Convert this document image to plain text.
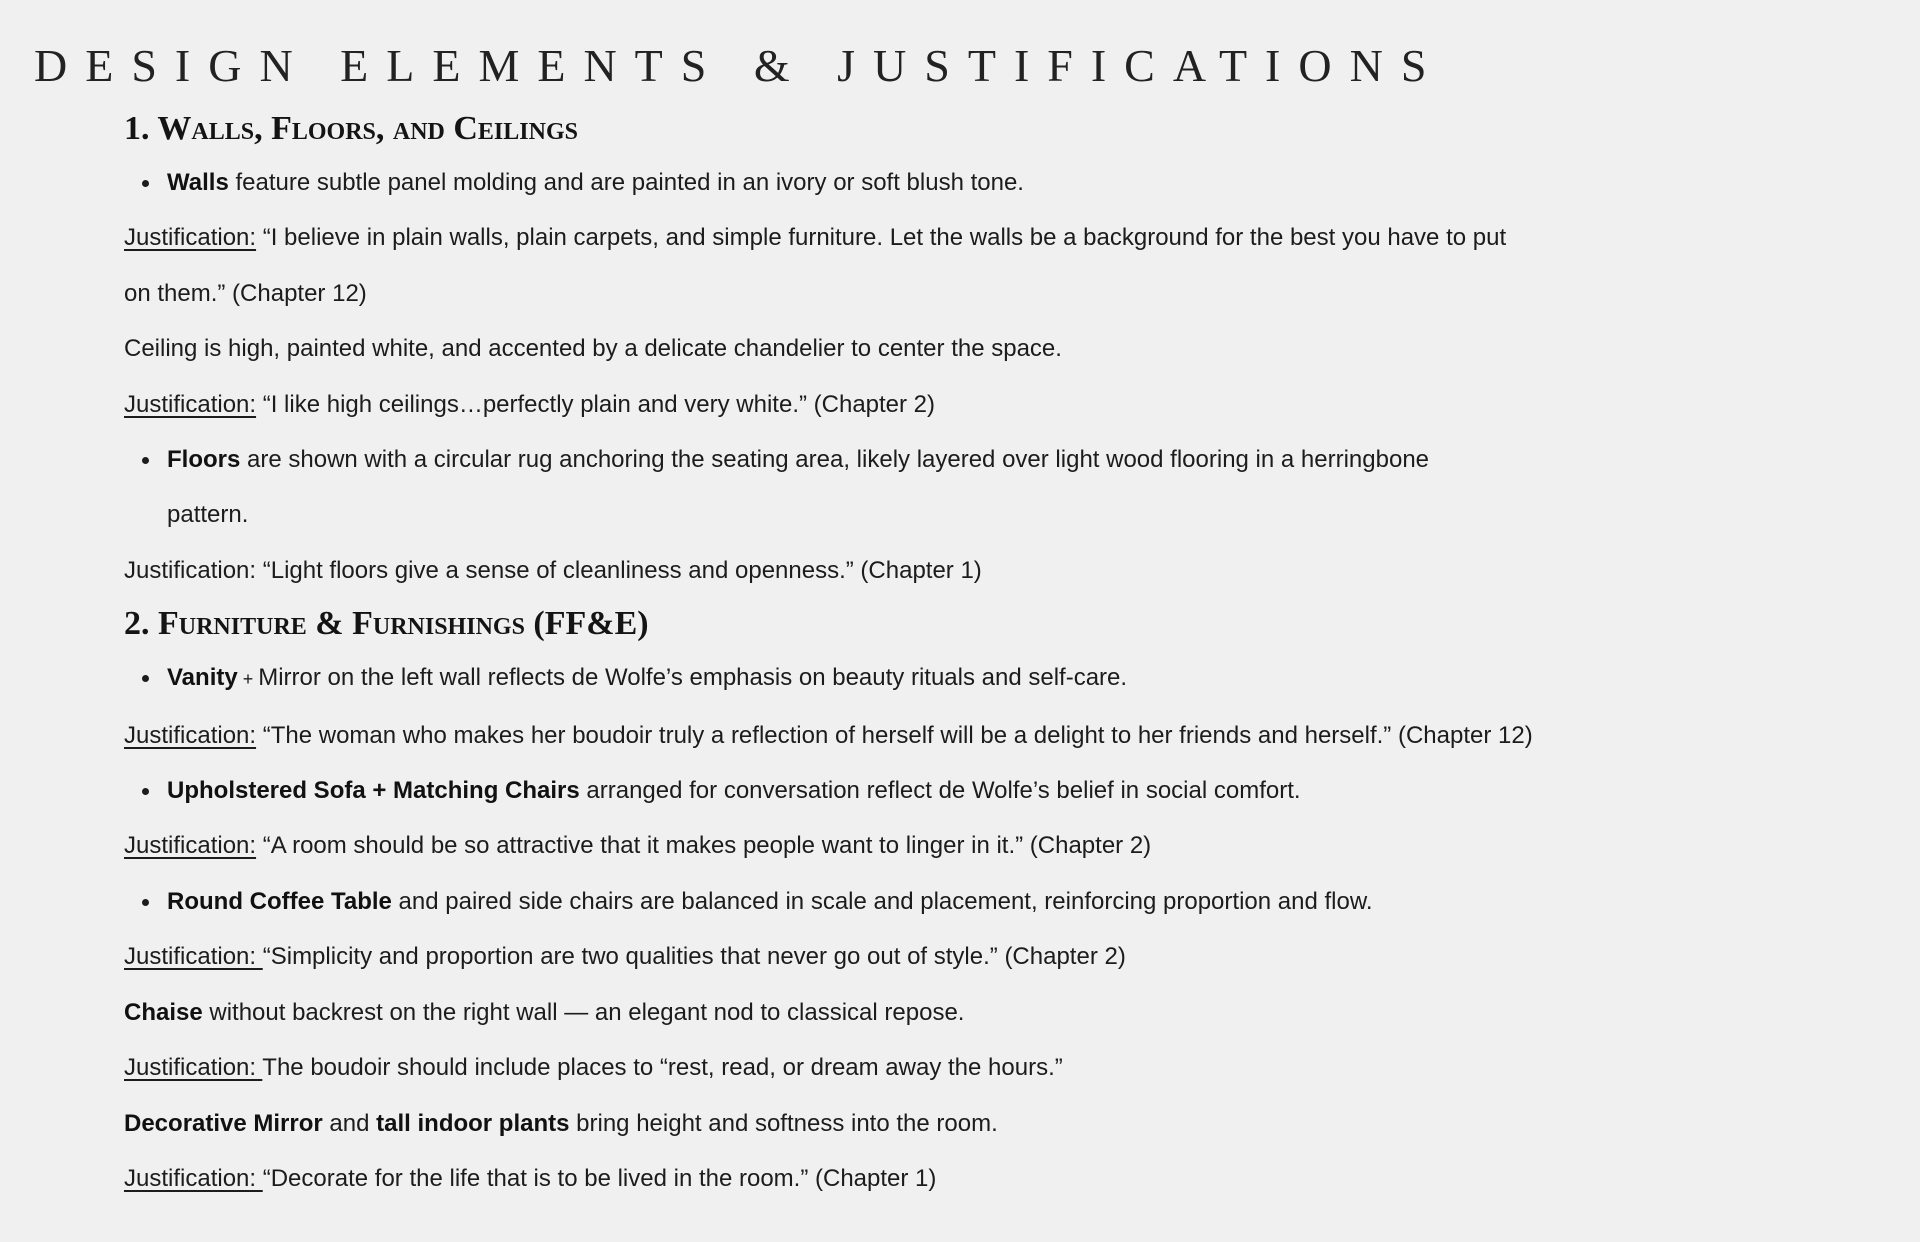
DESIGN ELEMENTS & JUSTIFICATIONS
1. Walls, Floors, and Ceilings

Walls feature subtle panel molding and are painted in an ivory or soft blush tone.

Justification: “I believe in plain walls, plain carpets, and simple furniture. Let the walls be a background for the best you have to put

on them.” (Chapter 12)

Ceiling is high, painted white, and accented by a delicate chandelier to center the space.

Justification: “I like high ceilings…perfectly plain and very white.” (Chapter 2)

Floors are shown with a circular rug anchoring the seating area, likely layered over light wood flooring in a herringbone

pattern.

Justification: “Light floors give a sense of cleanliness and openness.” (Chapter 1)

2. Furniture & Furnishings (FF&E)

Vanity + Mirror on the left wall reflects de Wolfe’s emphasis on beauty rituals and self-care.

Justification: “The woman who makes her boudoir truly a reflection of herself will be a delight to her friends and herself.” (Chapter 12)

Upholstered Sofa + Matching Chairs arranged for conversation reflect de Wolfe’s belief in social comfort.

Justification: “A room should be so attractive that it makes people want to linger in it.” (Chapter 2)

Round Coffee Table and paired side chairs are balanced in scale and placement, reinforcing proportion and flow.

Justification: “Simplicity and proportion are two qualities that never go out of style.” (Chapter 2)

Chaise without backrest on the right wall — an elegant nod to classical repose.

Justification: The boudoir should include places to “rest, read, or dream away the hours.”

Decorative Mirror and tall indoor plants bring height and softness into the room.

Justification: “Decorate for the life that is to be lived in the room.” (Chapter 1)
